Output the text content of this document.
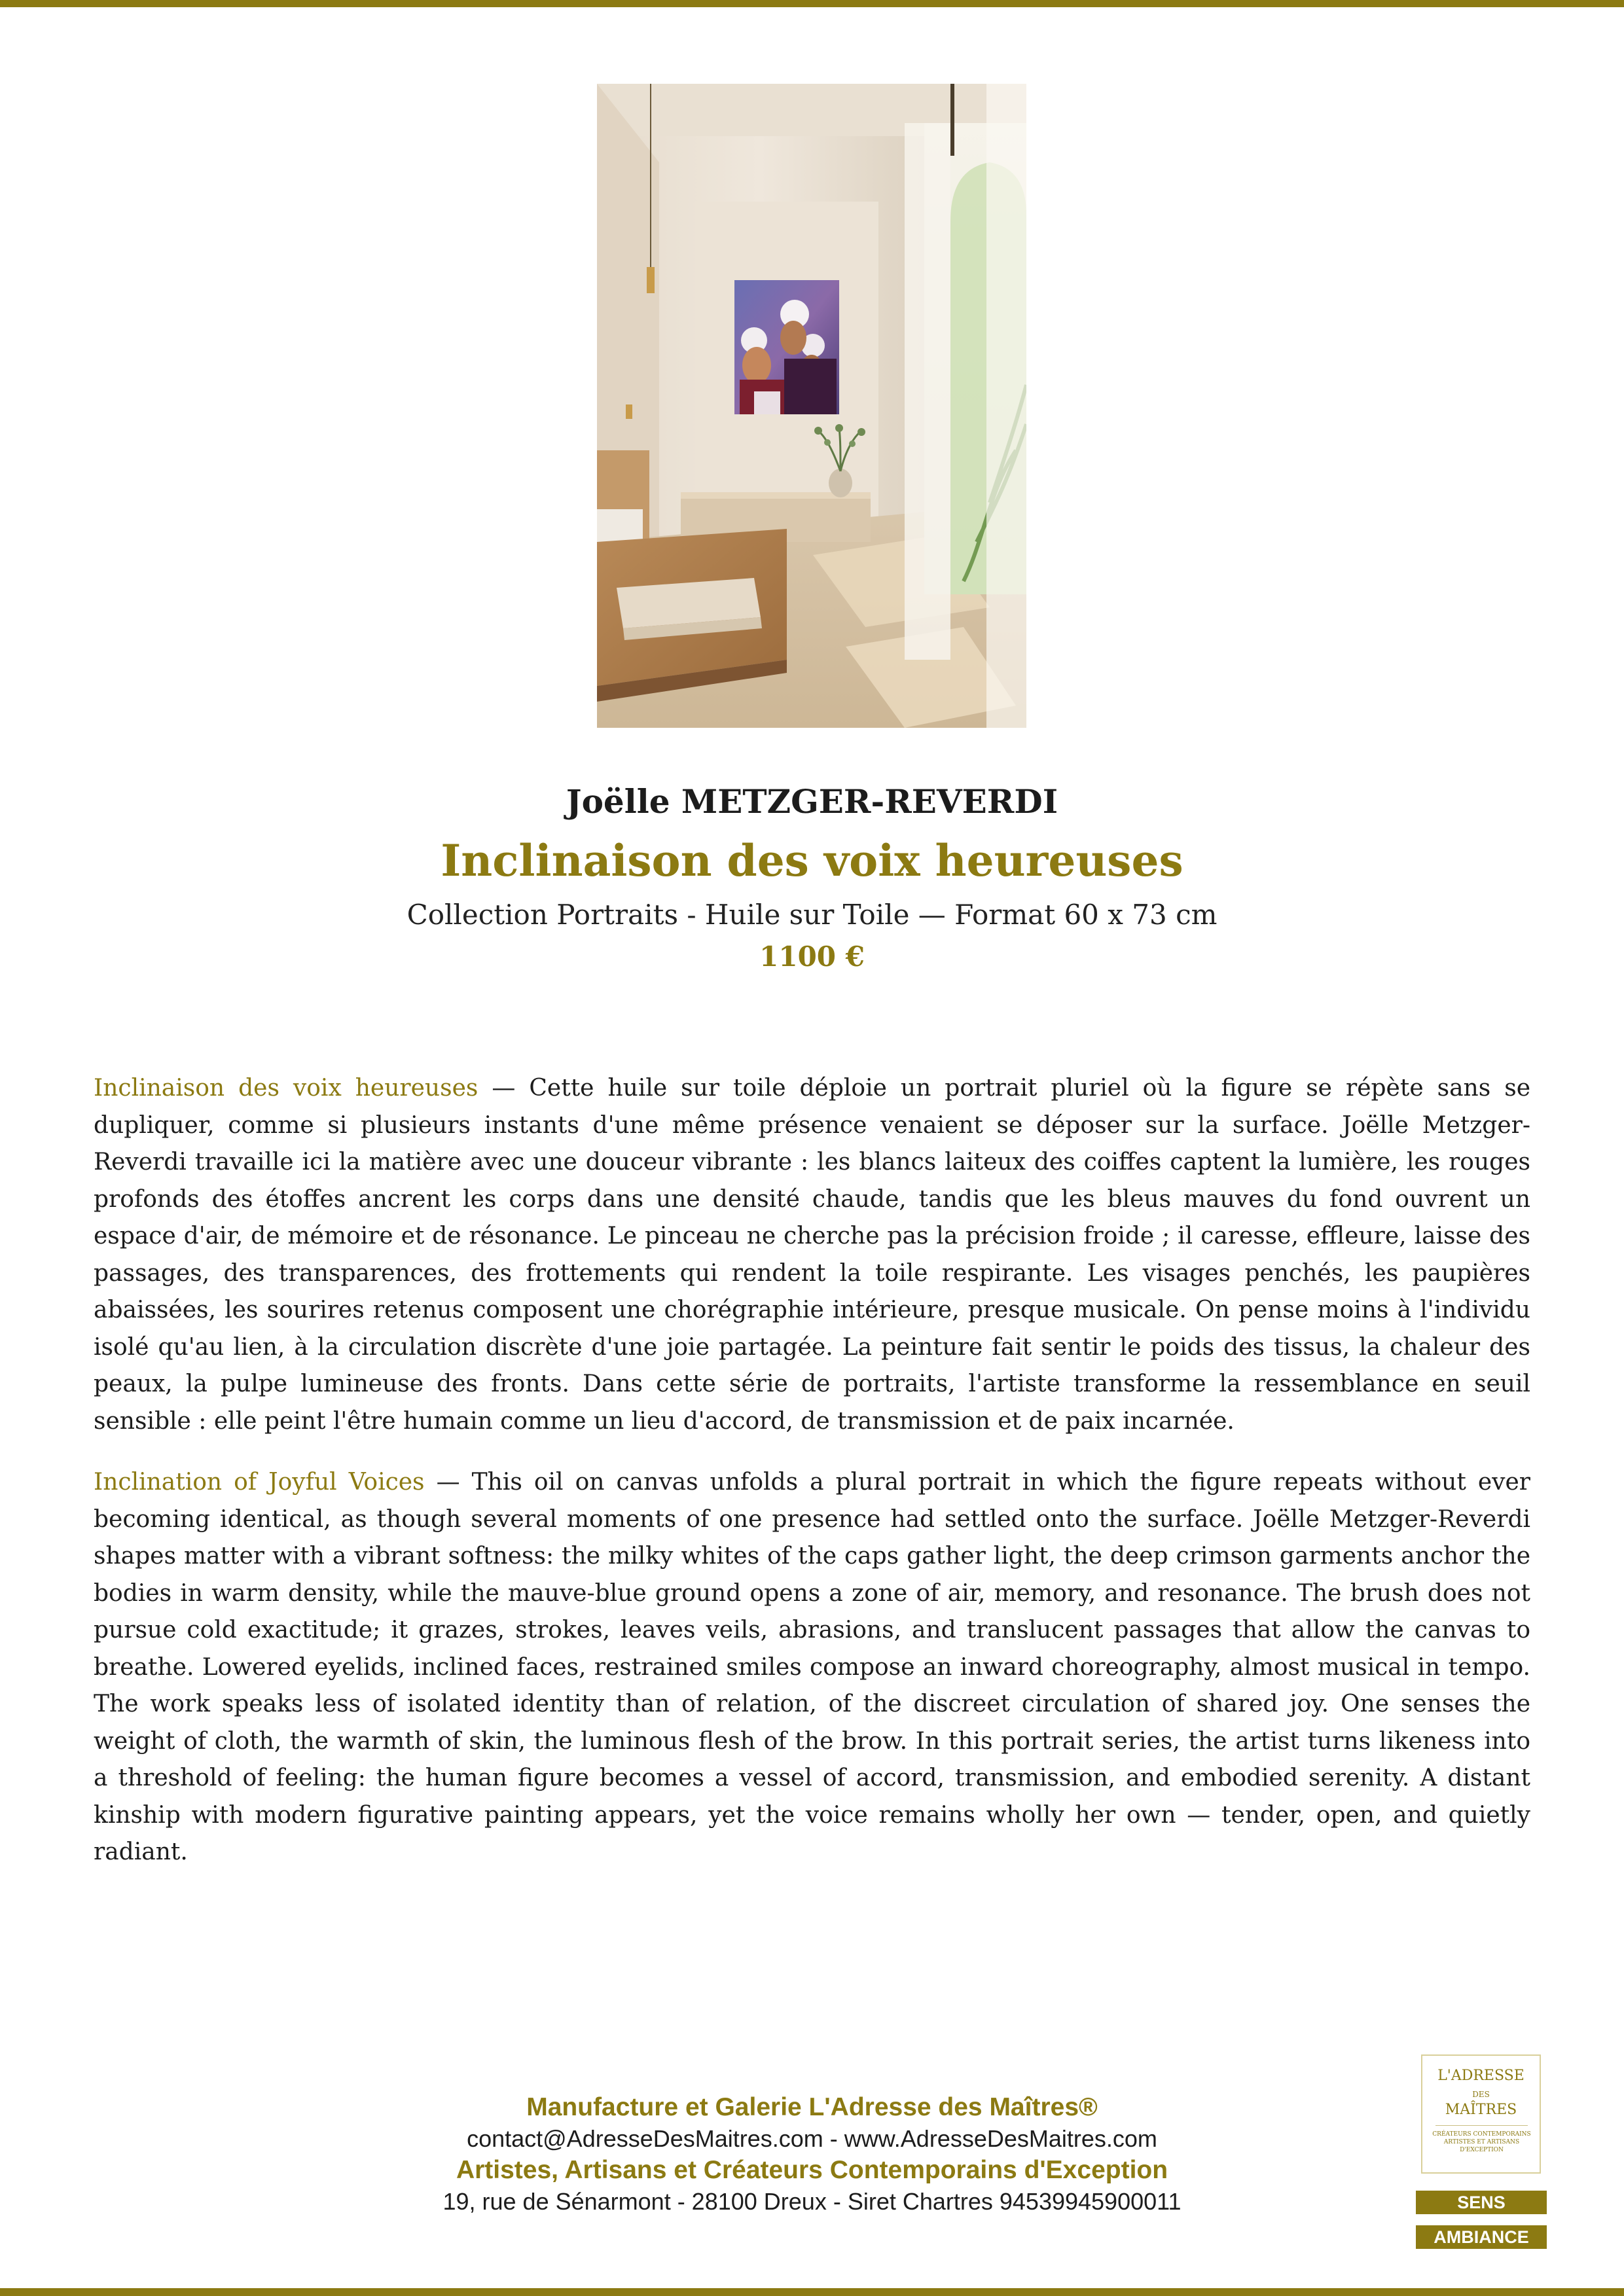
Joëlle METZGER-REVERDI
Inclinaison des voix heureuses
Collection Portraits - Huile sur Toile — Format 60 x 73 cm
1100 €

Inclinaison des voix heureuses — Cette huile sur toile déploie un portrait pluriel où la figure se répète sans se dupliquer, comme si plusieurs instants d'une même présence venaient se déposer sur la surface. Joëlle Metzger-Reverdi travaille ici la matière avec une douceur vibrante : les blancs laiteux des coiffes captent la lumière, les rouges profonds des étoffes ancrent les corps dans une densité chaude, tandis que les bleus mauves du fond ouvrent un espace d'air, de mémoire et de résonance. Le pinceau ne cherche pas la précision froide ; il caresse, effleure, laisse des passages, des transparences, des frottements qui rendent la toile respirante. Les visages penchés, les paupières abaissées, les sourires retenus composent une chorégraphie intérieure, presque musicale. On pense moins à l'individu isolé qu'au lien, à la circulation discrète d'une joie partagée. La peinture fait sentir le poids des tissus, la chaleur des peaux, la pulpe lumineuse des fronts. Dans cette série de portraits, l'artiste transforme la ressemblance en seuil sensible : elle peint l'être humain comme un lieu d'accord, de transmission et de paix incarnée.

Inclination of Joyful Voices — This oil on canvas unfolds a plural portrait in which the figure repeats without ever becoming identical, as though several moments of one presence had settled onto the surface. Joëlle Metzger-Reverdi shapes matter with a vibrant softness: the milky whites of the caps gather light, the deep crimson garments anchor the bodies in warm density, while the mauve-blue ground opens a zone of air, memory, and resonance. The brush does not pursue cold exactitude; it grazes, strokes, leaves veils, abrasions, and translucent passages that allow the canvas to breathe. Lowered eyelids, inclined faces, restrained smiles compose an inward choreography, almost musical in tempo. The work speaks less of isolated identity than of relation, of the discreet circulation of shared joy. One senses the weight of cloth, the warmth of skin, the luminous flesh of the brow. In this portrait series, the artist turns likeness into a threshold of feeling: the human figure becomes a vessel of accord, transmission, and embodied serenity. A distant kinship with modern figurative painting appears, yet the voice remains wholly her own — tender, open, and quietly radiant.

Manufacture et Galerie L'Adresse des Maîtres®
contact@AdresseDesMaitres.com - www.AdresseDesMaitres.com
Artistes, Artisans et Créateurs Contemporains d'Exception
19, rue de Sénarmont - 28100 Dreux - Siret Chartres 94539945900011
L'ADRESSE
DES
MAÎTRES
CRÉATEURS CONTEMPORAINS ARTISTES ET ARTISANS D'EXCEPTION
SENS
AMBIANCE
